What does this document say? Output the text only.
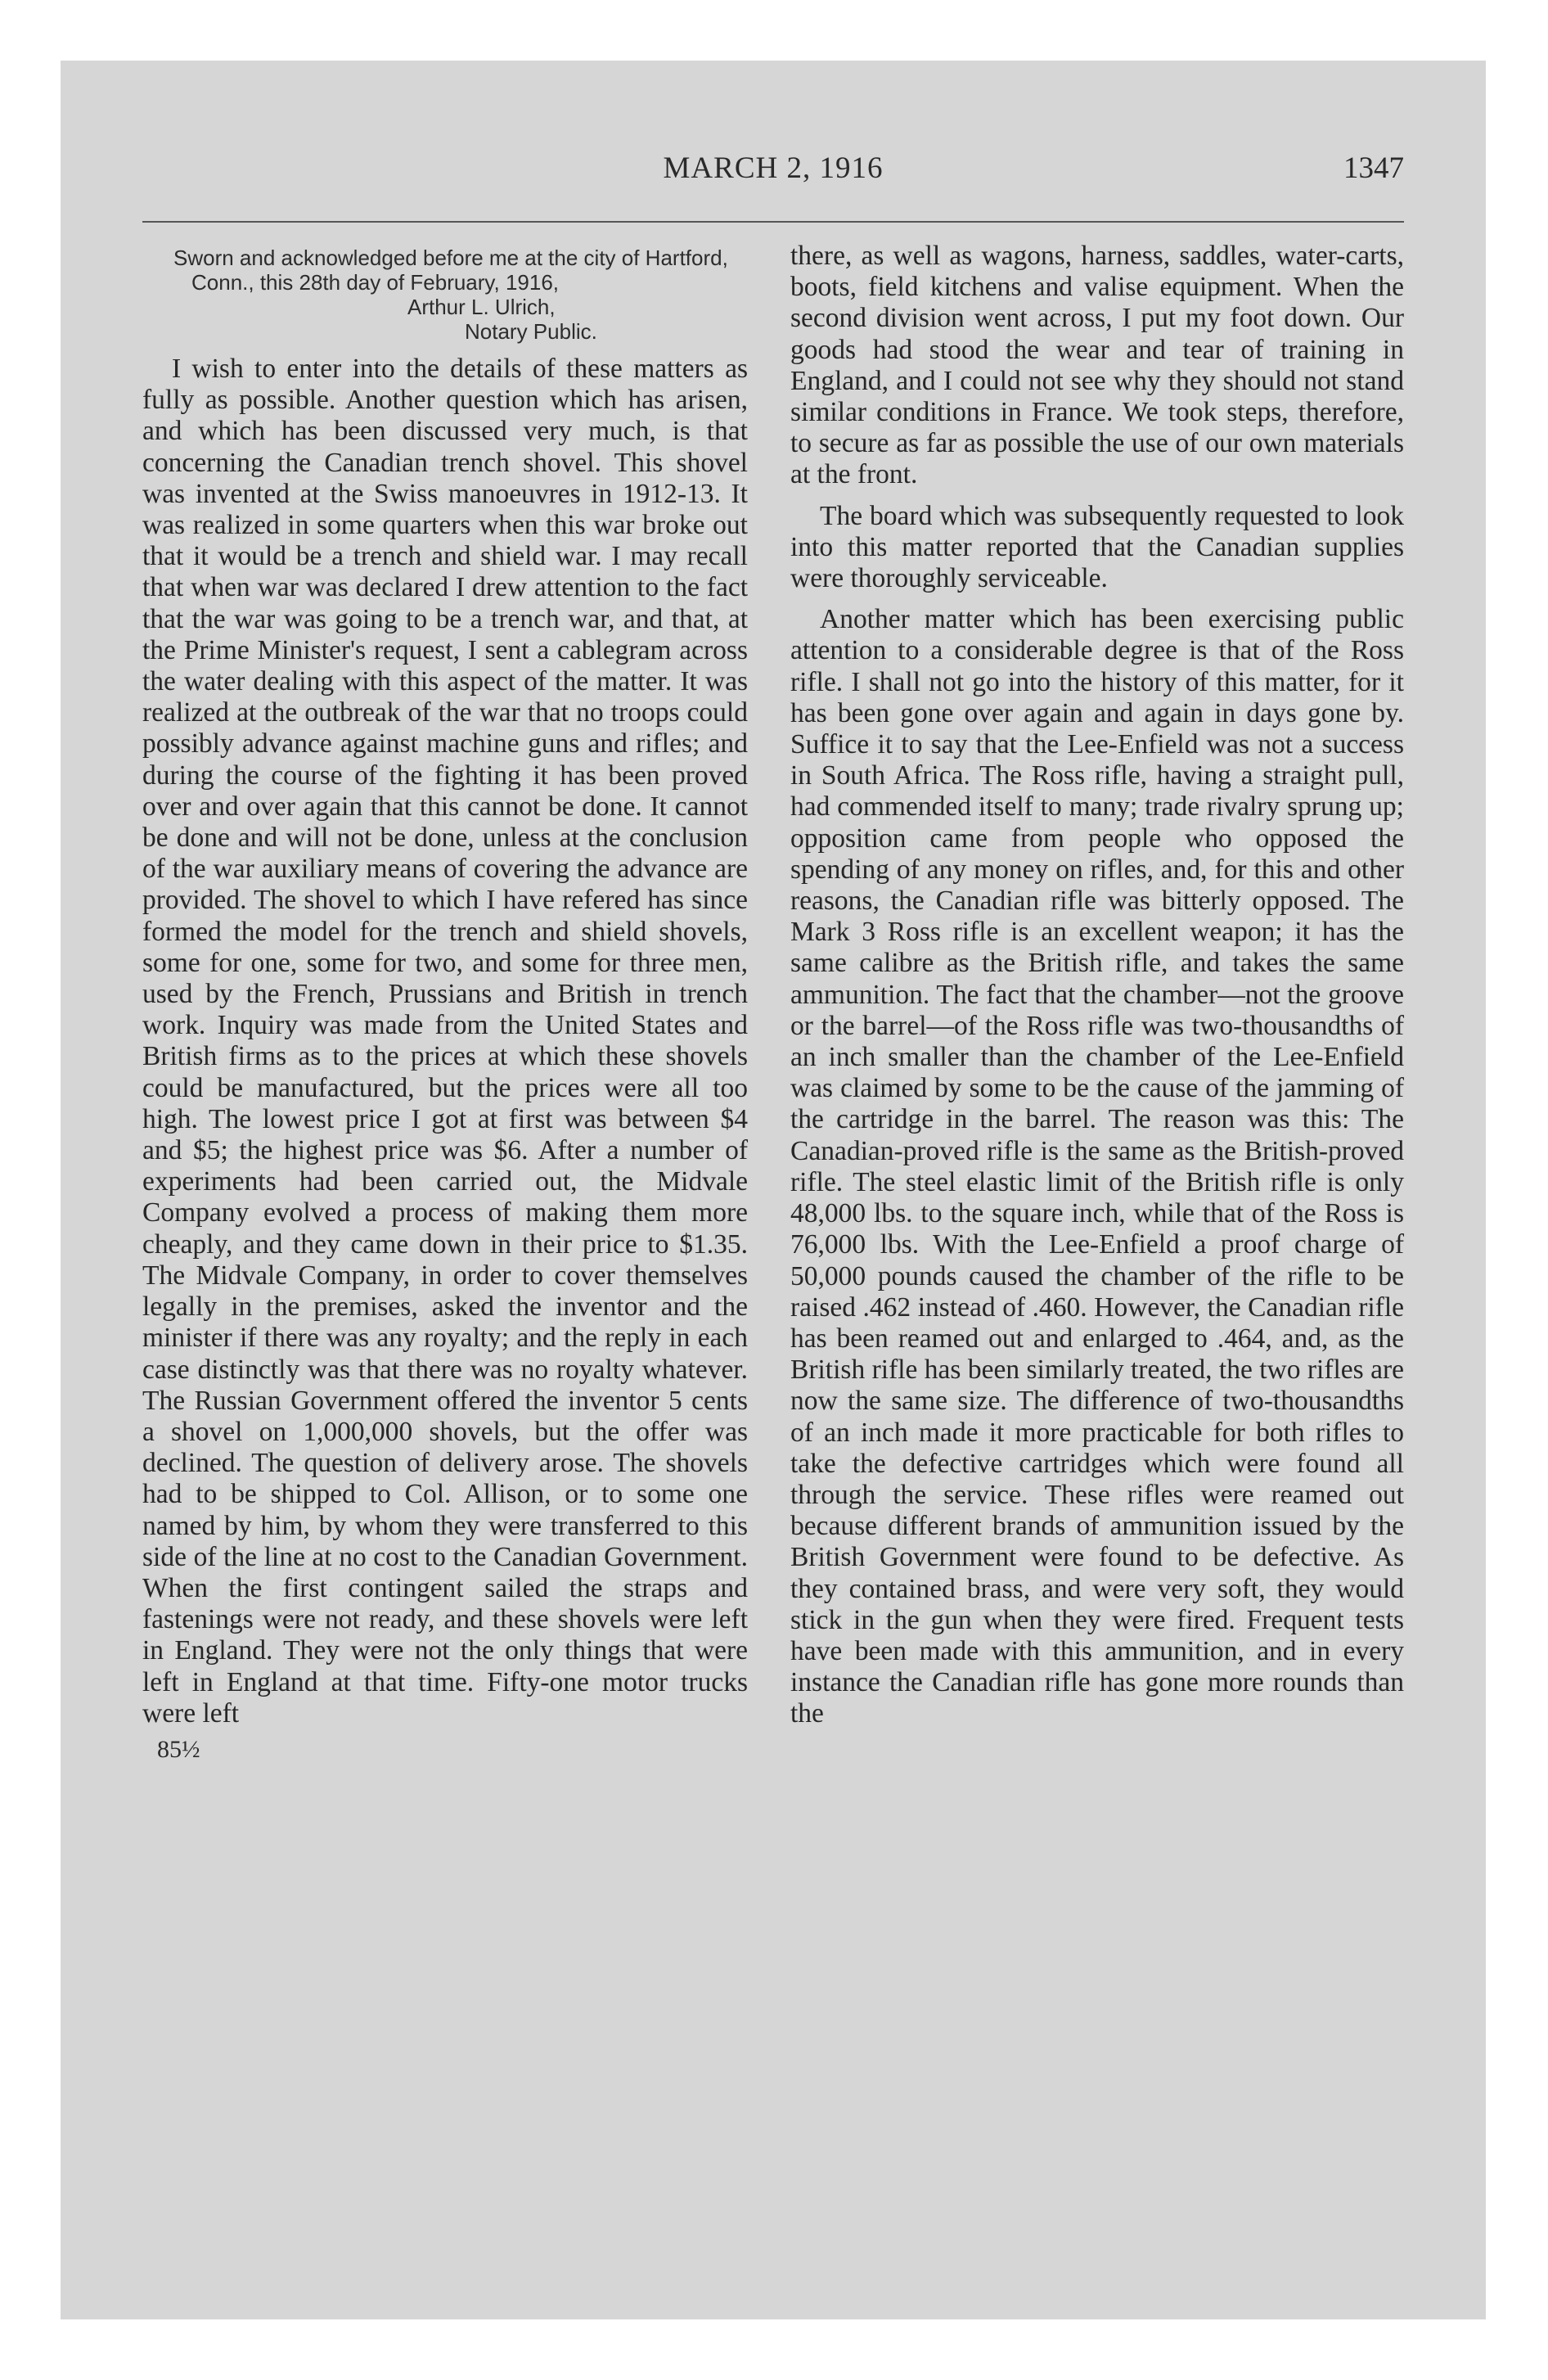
MARCH 2, 1916	1347
Sworn and acknowledged before me at the city of Hartford, Conn., this 28th day of February, 1916,
Arthur L. Ulrich,
Notary Public.

I wish to enter into the details of these matters as fully as possible. Another question which has arisen, and which has been discussed very much, is that concerning the Canadian trench shovel. This shovel was invented at the Swiss manoeuvres in 1912-13. It was realized in some quarters when this war broke out that it would be a trench and shield war. I may recall that when war was declared I drew attention to the fact that the war was going to be a trench war, and that, at the Prime Minister's request, I sent a cablegram across the water dealing with this aspect of the matter. It was realized at the outbreak of the war that no troops could possibly advance against machine guns and rifles; and during the course of the fighting it has been proved over and over again that this cannot be done. It cannot be done and will not be done, unless at the conclusion of the war auxiliary means of covering the advance are provided. The shovel to which I have refered has since formed the model for the trench and shield shovels, some for one, some for two, and some for three men, used by the French, Prussians and British in trench work. Inquiry was made from the United States and British firms as to the prices at which these shovels could be manufactured, but the prices were all too high. The lowest price I got at first was between $4 and $5; the highest price was $6. After a number of experiments had been carried out, the Midvale Company evolved a process of making them more cheaply, and they came down in their price to $1.35. The Midvale Company, in order to cover themselves legally in the premises, asked the inventor and the minister if there was any royalty; and the reply in each case distinctly was that there was no royalty whatever. The Russian Government offered the inventor 5 cents a shovel on 1,000,000 shovels, but the offer was declined. The question of delivery arose. The shovels had to be shipped to Col. Allison, or to some one named by him, by whom they were transferred to this side of the line at no cost to the Canadian Government. When the first contingent sailed the straps and fastenings were not ready, and these shovels were left in England. They were not the only things that were left in England at that time. Fifty-one motor trucks were left

85½

there, as well as wagons, harness, saddles, water-carts, boots, field kitchens and valise equipment. When the second division went across, I put my foot down. Our goods had stood the wear and tear of training in England, and I could not see why they should not stand similar conditions in France. We took steps, therefore, to secure as far as possible the use of our own materials at the front.

The board which was subsequently requested to look into this matter reported that the Canadian supplies were thoroughly serviceable.

Another matter which has been exercising public attention to a considerable degree is that of the Ross rifle. I shall not go into the history of this matter, for it has been gone over again and again in days gone by. Suffice it to say that the Lee-Enfield was not a success in South Africa. The Ross rifle, having a straight pull, had commended itself to many; trade rivalry sprung up; opposition came from people who opposed the spending of any money on rifles, and, for this and other reasons, the Canadian rifle was bitterly opposed. The Mark 3 Ross rifle is an excellent weapon; it has the same calibre as the British rifle, and takes the same ammunition. The fact that the chamber—not the groove or the barrel—of the Ross rifle was two-thousandths of an inch smaller than the chamber of the Lee-Enfield was claimed by some to be the cause of the jamming of the cartridge in the barrel. The reason was this: The Canadian-proved rifle is the same as the British-proved rifle. The steel elastic limit of the British rifle is only 48,000 lbs. to the square inch, while that of the Ross is 76,000 lbs. With the Lee-Enfield a proof charge of 50,000 pounds caused the chamber of the rifle to be raised .462 instead of .460. However, the Canadian rifle has been reamed out and enlarged to .464, and, as the British rifle has been similarly treated, the two rifles are now the same size. The difference of two-thousandths of an inch made it more practicable for both rifles to take the defective cartridges which were found all through the service. These rifles were reamed out because different brands of ammunition issued by the British Government were found to be defective. As they contained brass, and were very soft, they would stick in the gun when they were fired. Frequent tests have been made with this ammunition, and in every instance the Canadian rifle has gone more rounds than the
